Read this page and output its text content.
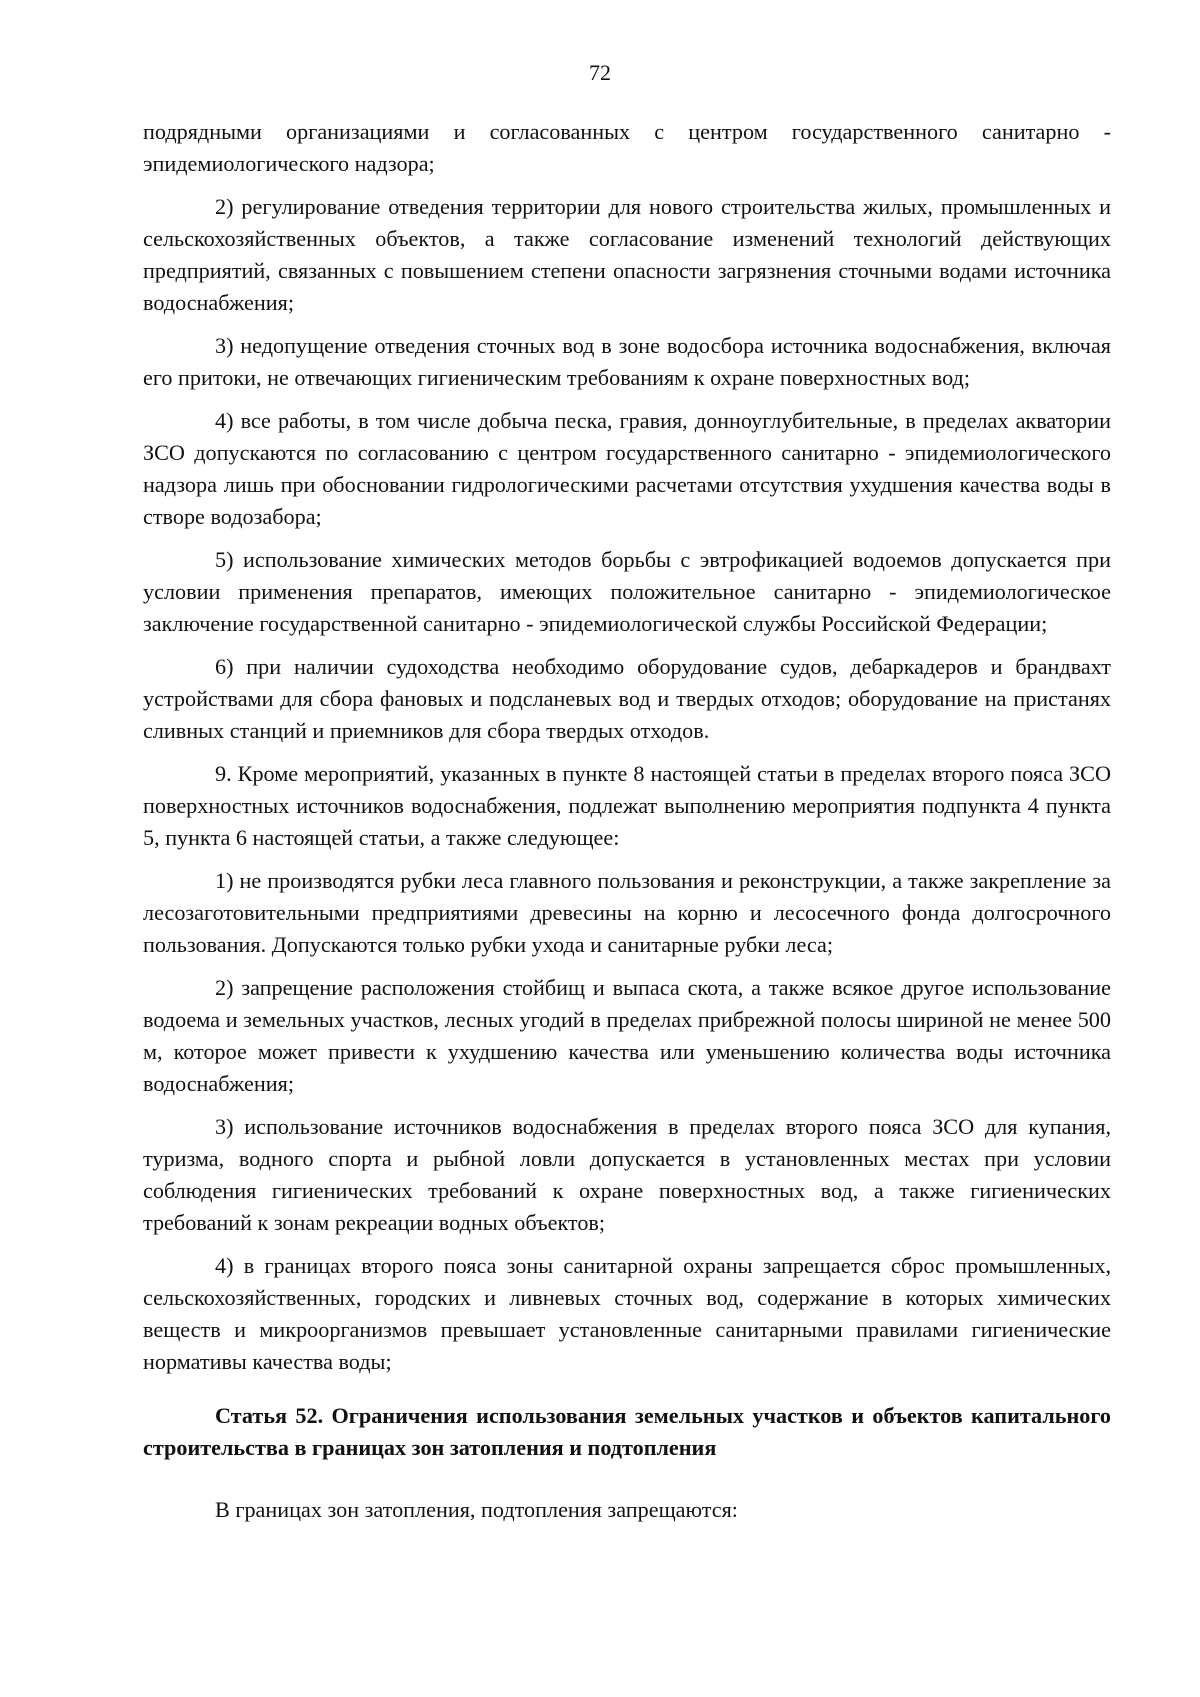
72

подрядными организациями и согласованных с центром государственного санитарно - эпидемиологического надзора;

2) регулирование отведения территории для нового строительства жилых, промышленных и сельскохозяйственных объектов, а также согласование изменений технологий действующих предприятий, связанных с повышением степени опасности загрязнения сточными водами источника водоснабжения;

3) недопущение отведения сточных вод в зоне водосбора источника водоснабжения, включая его притоки, не отвечающих гигиеническим требованиям к охране поверхностных вод;

4) все работы, в том числе добыча песка, гравия, донноуглубительные, в пределах акватории ЗСО допускаются по согласованию с центром государственного санитарно - эпидемиологического надзора лишь при обосновании гидрологическими расчетами отсутствия ухудшения качества воды в створе водозабора;

5) использование химических методов борьбы с эвтрофикацией водоемов допускается при условии применения препаратов, имеющих положительное санитарно - эпидемиологическое заключение государственной санитарно - эпидемиологической службы Российской Федерации;

6) при наличии судоходства необходимо оборудование судов, дебаркадеров и брандвахт устройствами для сбора фановых и подсланевых вод и твердых отходов; оборудование на пристанях сливных станций и приемников для сбора твердых отходов.

9. Кроме мероприятий, указанных в пункте 8 настоящей статьи в пределах второго пояса ЗСО поверхностных источников водоснабжения, подлежат выполнению мероприятия подпункта 4 пункта 5, пункта 6 настоящей статьи, а также следующее:

1) не производятся рубки леса главного пользования и реконструкции, а также закрепление за лесозаготовительными предприятиями древесины на корню и лесосечного фонда долгосрочного пользования. Допускаются только рубки ухода и санитарные рубки леса;

2) запрещение расположения стойбищ и выпаса скота, а также всякое другое использование водоема и земельных участков, лесных угодий в пределах прибрежной полосы шириной не менее 500 м, которое может привести к ухудшению качества или уменьшению количества воды источника водоснабжения;

3) использование источников водоснабжения в пределах второго пояса ЗСО для купания, туризма, водного спорта и рыбной ловли допускается в установленных местах при условии соблюдения гигиенических требований к охране поверхностных вод, а также гигиенических требований к зонам рекреации водных объектов;

4) в границах второго пояса зоны санитарной охраны запрещается сброс промышленных, сельскохозяйственных, городских и ливневых сточных вод, содержание в которых химических веществ и микроорганизмов превышает установленные санитарными правилами гигиенические нормативы качества воды;

Статья 52. Ограничения использования земельных участков и объектов капитального строительства в границах зон затопления и подтопления

В границах зон затопления, подтопления запрещаются:
